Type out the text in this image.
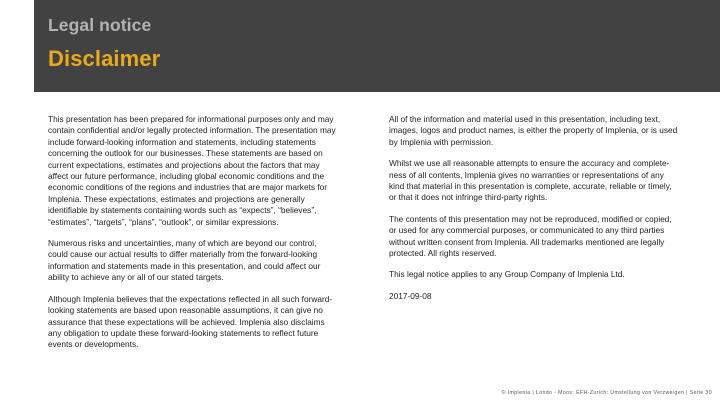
Legal notice
Disclaimer

This presentation has been prepared for informational purposes only and may
contain confidential and/or legally protected information. The presentation may
include forward-looking information and statements, including statements
concerning the outlook for our businesses. These statements are based on
current expectations, estimates and projections about the factors that may
affect our future performance, including global economic conditions and the
economic conditions of the regions and industries that are major markets for
Implenia. These expectations, estimates and projections are generally
identifiable by statements containing words such as “expects”, “believes”,
“estimates”, “targets”, “plans”, “outlook”, or similar expressions.

Numerous risks and uncertainties, many of which are beyond our control,
could cause our actual results to differ materially from the forward-looking
information and statements made in this presentation, and could affect our
ability to achieve any or all of our stated targets.

Although Implenia believes that the expectations reflected in all such forward-
looking statements are based upon reasonable assumptions, it can give no
assurance that these expectations will be achieved. Implenia also disclaims
any obligation to update these forward-looking statements to reflect future
events or developments.

All of the information and material used in this presentation, including text,
images, logos and product names, is either the property of Implenia, or is used
by Implenia with permission.

Whilst we use all reasonable attempts to ensure the accuracy and complete-
ness of all contents, Implenia gives no warranties or representations of any
kind that material in this presentation is complete, accurate, reliable or timely,
or that it does not infringe third-party rights.

The contents of this presentation may not be reproduced, modified or copied,
or used for any commercial purposes, or communicated to any third parties
without written consent from Implenia. All trademarks mentioned are legally
protected. All rights reserved.

This legal notice applies to any Group Company of Implenia Ltd.

2017-09-08

© Implenia | Londo - Moos: EFH-Zurich: Umstellung von Verzweigen | Seite 30
